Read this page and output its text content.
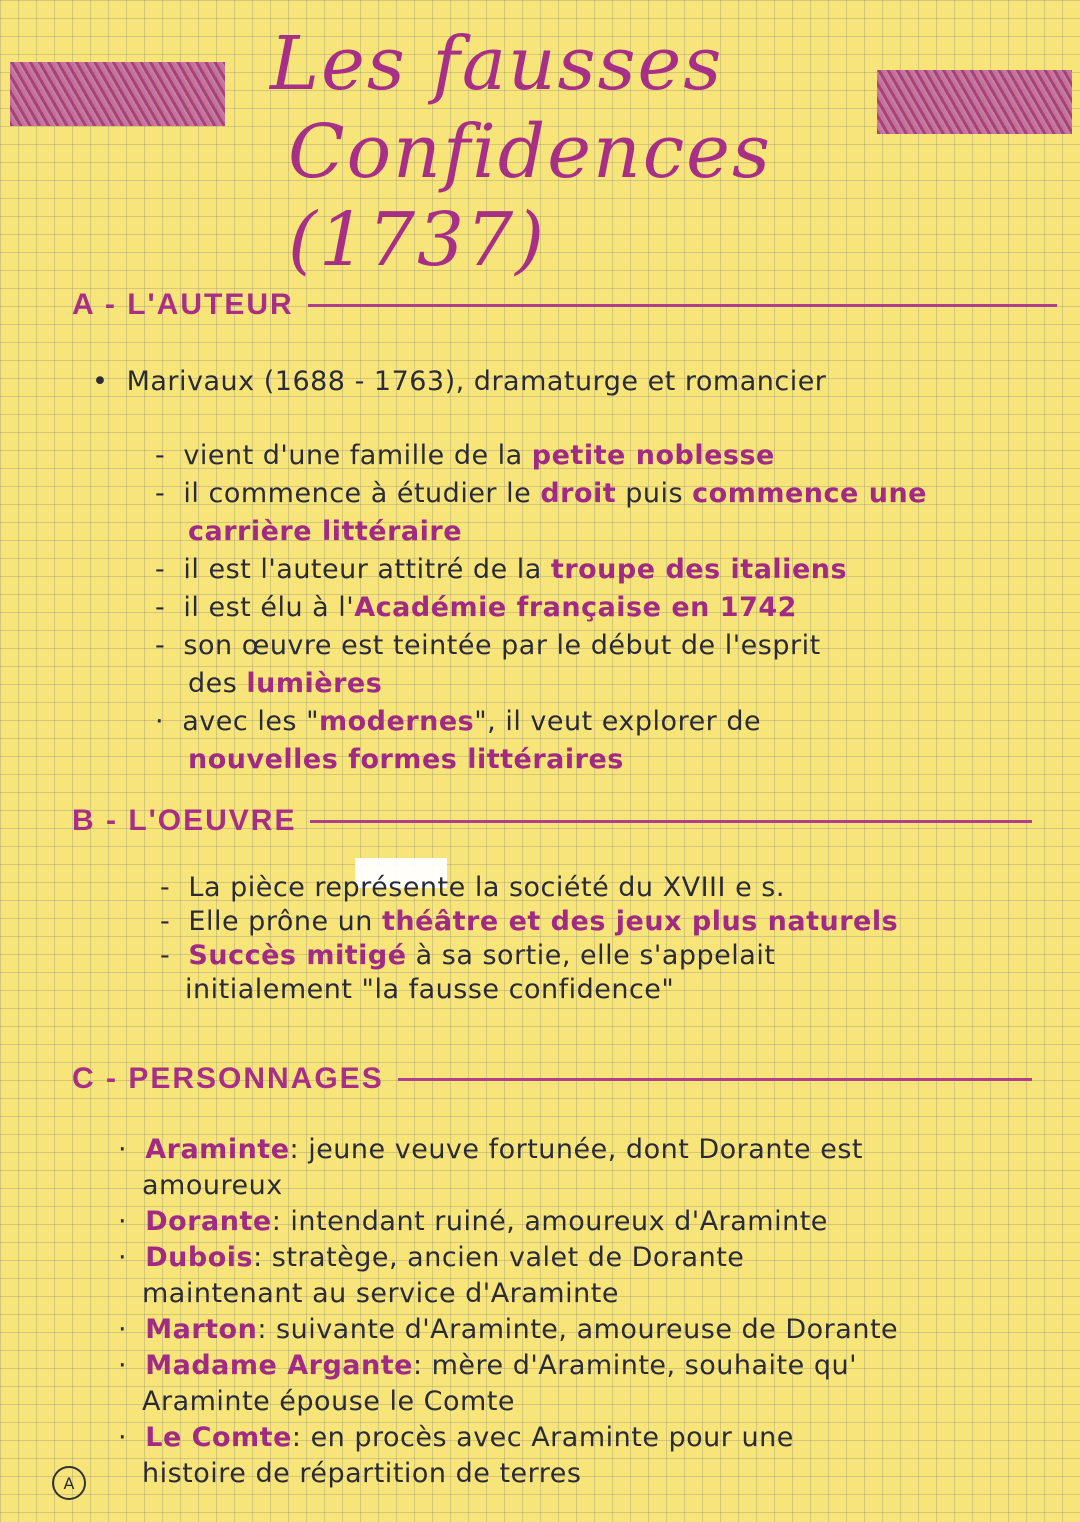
Les fausses
Confidences (1737)
A - L'AUTEUR
•  Marivaux (1688 - 1763), dramaturge et romancier
-  vient d'une famille de la petite noblesse
-  il commence à étudier le droit puis commence une
carrière littéraire
-  il est l'auteur attitré de la troupe des italiens
-  il est élu à l'Académie française en 1742
-  son œuvre est teintée par le début de l'esprit
des lumières
·  avec les "modernes", il veut explorer de
nouvelles formes littéraires
B - L'OEUVRE
-  La pièce représente la société du XVIII e s.
-  Elle prône un théâtre et des jeux plus naturels
-  Succès mitigé à sa sortie, elle s'appelait
initialement "la fausse confidence"
C - PERSONNAGES
·  Araminte: jeune veuve fortunée, dont Dorante est
amoureux
·  Dorante: intendant ruiné, amoureux d'Araminte
·  Dubois: stratège, ancien valet de Dorante
maintenant au service d'Araminte
·  Marton: suivante d'Araminte, amoureuse de Dorante
·  Madame Argante: mère d'Araminte, souhaite qu'
Araminte épouse le Comte
·  Le Comte: en procès avec Araminte pour une
histoire de répartition de terres
A
